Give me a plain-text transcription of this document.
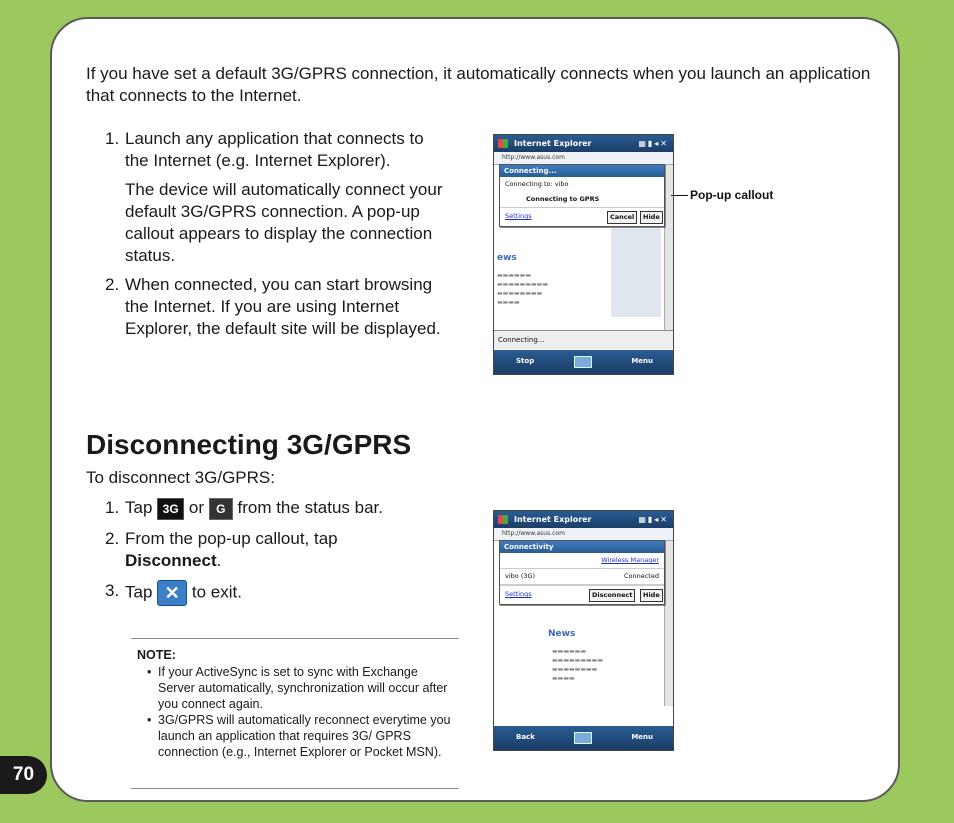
70

If you have set a default 3G/GPRS connection, it automatically connects when you launch an application that connects to the Internet.

1. Launch any application that connects to the Internet (e.g. Internet Explorer).

The device will automatically connect your default 3G/GPRS connection. A pop-up callout appears to display the connection status.

2. When connected, you can start browsing the Internet. If you are using Internet Explorer, the default site will be displayed.

Disconnecting 3G/GPRS

To disconnect 3G/GPRS:

1. Tap 3G or G from the status bar.
2. From the pop-up callout, tap
Disconnect.
3. Tap ✕ to exit.

NOTE:

• If your ActiveSync is set to sync with Exchange Server automatically, synchronization will occur after you connect again.
• 3G/GPRS will automatically reconnect everytime you launch an application that requires 3G/ GPRS connection (e.g., Internet Explorer or Pocket MSN).
Internet Explorer	▦▮◂✕
http://www.asus.com
ews
▬▬▬▬▬▬
▬▬▬▬▬▬▬▬▬
▬▬▬▬▬▬▬▬
▬▬▬▬
Connecting...
Connecting to: vibo
Connecting to GPRS
Settings	Cancel	Hide
Connecting...
Stop	Menu
Pop-up callout
Internet Explorer	▦▮◂✕
http://www.asus.com
News
▬▬▬▬▬▬
▬▬▬▬▬▬▬▬▬
▬▬▬▬▬▬▬▬
▬▬▬▬
Connectivity
Wireless Manager
vibo (3G)	Connected
Settings	Disconnect	Hide
Back	Menu
